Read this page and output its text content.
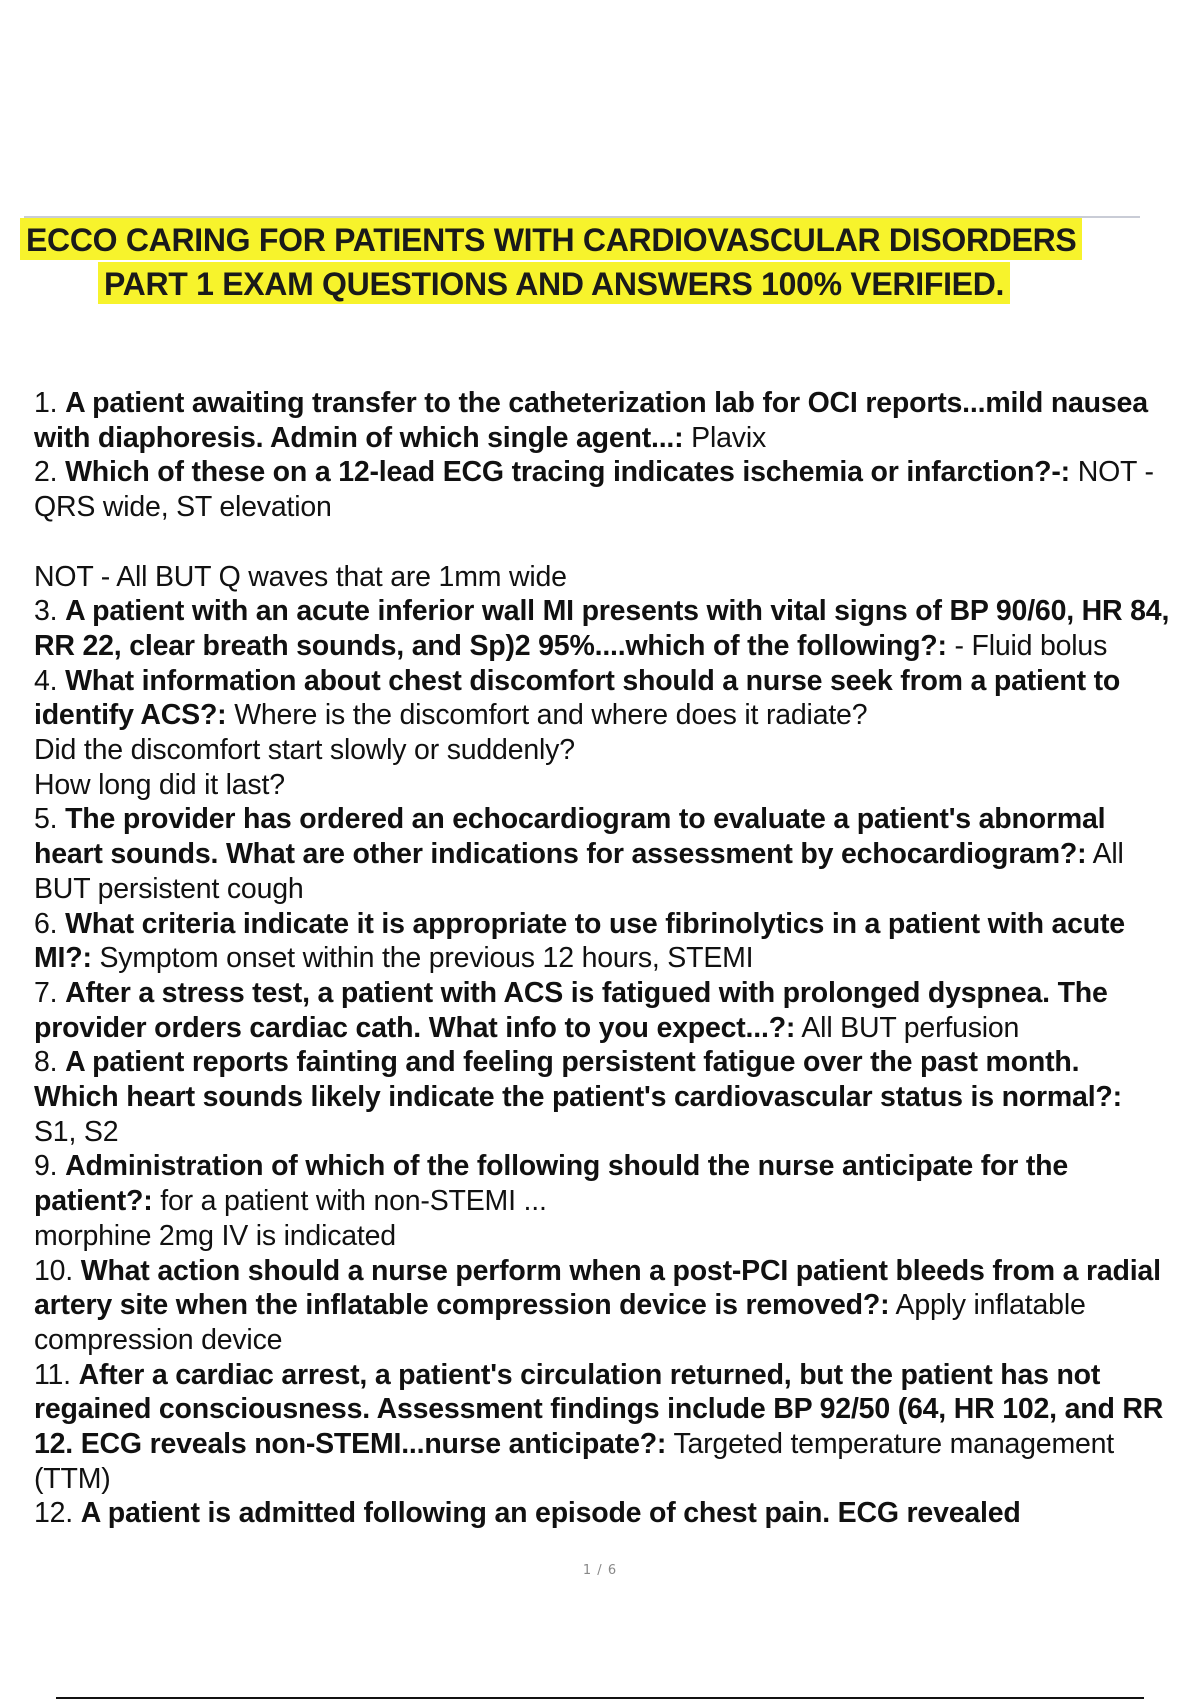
ECCO CARING FOR PATIENTS WITH CARDIOVASCULAR DISORDERS
PART 1 EXAM QUESTIONS AND ANSWERS 100% VERIFIED.
1. A patient awaiting transfer to the catheterization lab for OCI reports...mild nausea with diaphoresis. Admin of which single agent...: Plavix
2. Which of these on a 12-lead ECG tracing indicates ischemia or infarction?-: NOT - QRS wide, ST elevation
NOT - All BUT Q waves that are 1mm wide
3. A patient with an acute inferior wall MI presents with vital signs of BP 90/60, HR 84, RR 22, clear breath sounds, and Sp)2 95%....which of the following?: - Fluid bolus
4. What information about chest discomfort should a nurse seek from a patient to identify ACS?: Where is the discomfort and where does it radiate?
Did the discomfort start slowly or suddenly?
How long did it last?
5. The provider has ordered an echocardiogram to evaluate a patient's abnormal heart sounds. What are other indications for assessment by echocardiogram?: All BUT persistent cough
6. What criteria indicate it is appropriate to use fibrinolytics in a patient with acute MI?: Symptom onset within the previous 12 hours, STEMI
7. After a stress test, a patient with ACS is fatigued with prolonged dyspnea. The provider orders cardiac cath. What info to you expect...?: All BUT perfusion
8. A patient reports fainting and feeling persistent fatigue over the past month. Which heart sounds likely indicate the patient's cardiovascular status is normal?: S1, S2
9. Administration of which of the following should the nurse anticipate for the patient?: for a patient with non-STEMI ...
morphine 2mg IV is indicated
10. What action should a nurse perform when a post-PCI patient bleeds from a radial artery site when the inflatable compression device is removed?: Apply inflatable compression device
11. After a cardiac arrest, a patient's circulation returned, but the patient has not regained consciousness. Assessment findings include BP 92/50 (64, HR 102, and RR 12. ECG reveals non-STEMI...nurse anticipate?: Targeted temperature management (TTM)
12. A patient is admitted following an episode of chest pain. ECG revealed
1 / 6
